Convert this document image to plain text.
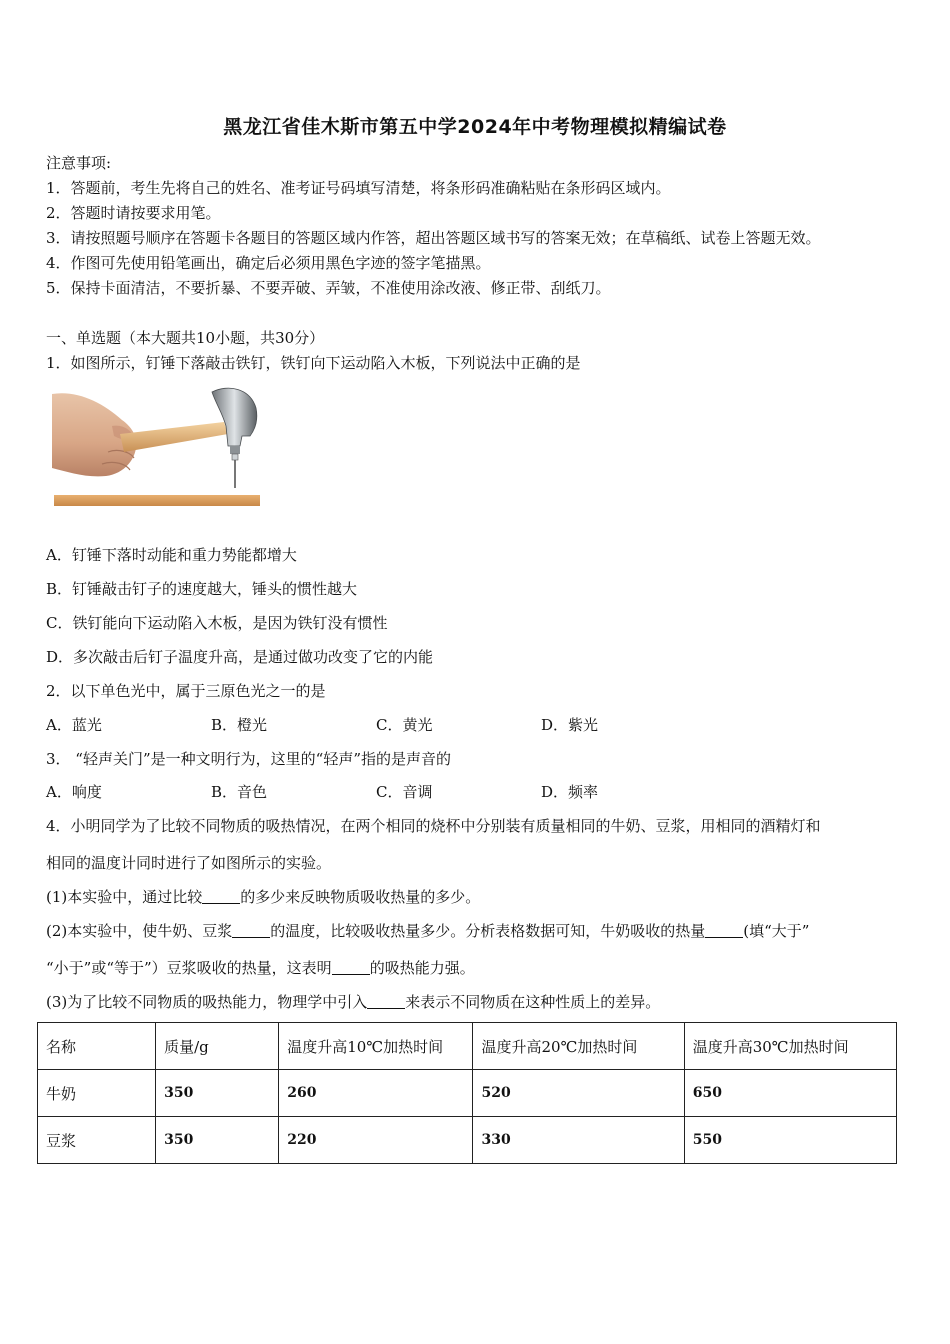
黑龙江省佳木斯市第五中学2024年中考物理模拟精编试卷
注意事项:
1．答题前，考生先将自己的姓名、准考证号码填写清楚，将条形码准确粘贴在条形码区域内。
2．答题时请按要求用笔。
3．请按照题号顺序在答题卡各题目的答题区域内作答，超出答题区域书写的答案无效；在草稿纸、试卷上答题无效。
4．作图可先使用铅笔画出，确定后必须用黑色字迹的签字笔描黑。
5．保持卡面清洁，不要折暴、不要弄破、弄皱，不准使用涂改液、修正带、刮纸刀。
一、单选题（本大题共10小题，共30分）
1．如图所示，钉锤下落敲击铁钉，铁钉向下运动陷入木板，下列说法中正确的是
A．钉锤下落时动能和重力势能都增大
B．钉锤敲击钉子的速度越大，锤头的惯性越大
C．铁钉能向下运动陷入木板，是因为铁钉没有惯性
D．多次敲击后钉子温度升高，是通过做功改变了它的内能
2．以下单色光中，属于三原色光之一的是
A．蓝光	B．橙光	C．黄光	D．紫光
3． “轻声关门”是一种文明行为，这里的“轻声”指的是声音的
A．响度	B．音色	C．音调	D．频率
4．小明同学为了比较不同物质的吸热情况，在两个相同的烧杯中分别装有质量相同的牛奶、豆浆，用相同的酒精灯和
相同的温度计同时进行了如图所示的实验。
(1)本实验中，通过比较	的多少来反映物质吸收热量的多少。
(2)本实验中，使牛奶、豆浆	的温度，比较吸收热量多少。分析表格数据可知，牛奶吸收的热量	(填“大于”
“小于”或“等于”）豆浆吸收的热量，这表明	的吸热能力强。
(3)为了比较不同物质的吸热能力，物理学中引入	来表示不同物质在这种性质上的差异。
名称	质量/g	温度升高10℃加热时间	温度升高20℃加热时间	温度升高30℃加热时间
牛奶	350	260	520	650
豆浆	350	220	330	550
